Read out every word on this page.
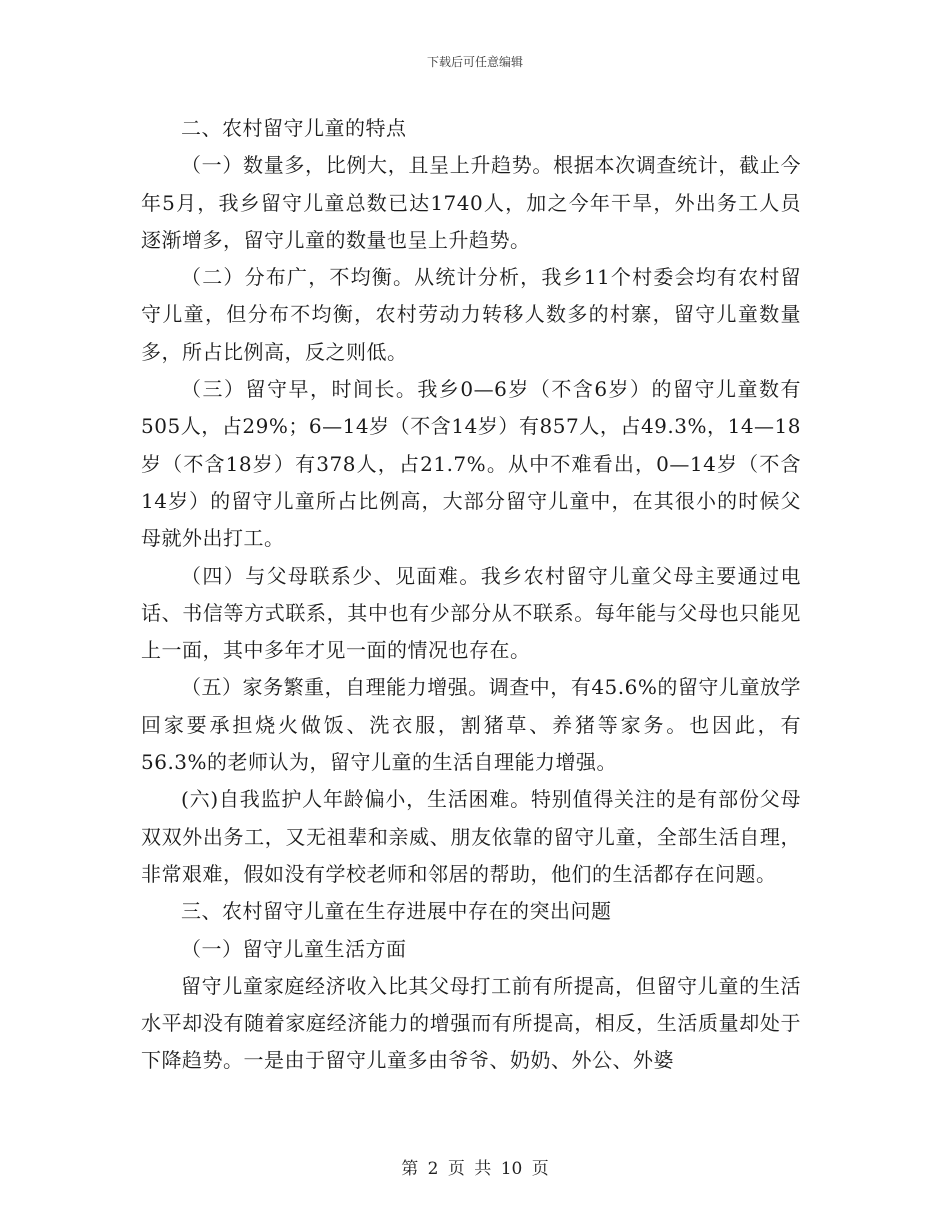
下载后可任意编辑

二、农村留守儿童的特点

（一）数量多，比例大，且呈上升趋势。根据本次调查统计，截止今年5月，我乡留守儿童总数已达1740人，加之今年干旱，外出务工人员逐渐增多，留守儿童的数量也呈上升趋势。

（二）分布广，不均衡。从统计分析，我乡11个村委会均有农村留守儿童，但分布不均衡，农村劳动力转移人数多的村寨，留守儿童数量多，所占比例高，反之则低。

（三）留守早，时间长。我乡0—6岁（不含6岁）的留守儿童数有505人，占29%；6—14岁（不含14岁）有857人，占49.3%，14—18岁（不含18岁）有378人，占21.7%。从中不难看出，0—14岁（不含14岁）的留守儿童所占比例高，大部分留守儿童中，在其很小的时候父母就外出打工。

（四）与父母联系少、见面难。我乡农村留守儿童父母主要通过电话、书信等方式联系，其中也有少部分从不联系。每年能与父母也只能见上一面，其中多年才见一面的情况也存在。

（五）家务繁重，自理能力增强。调查中，有45.6%的留守儿童放学回家要承担烧火做饭、洗衣服，割猪草、养猪等家务。也因此，有56.3%的老师认为，留守儿童的生活自理能力增强。

(六)自我监护人年龄偏小，生活困难。特别值得关注的是有部份父母双双外出务工，又无祖辈和亲威、朋友依靠的留守儿童，全部生活自理，非常艰难，假如没有学校老师和邻居的帮助，他们的生活都存在问题。

三、农村留守儿童在生存进展中存在的突出问题

（一）留守儿童生活方面

留守儿童家庭经济收入比其父母打工前有所提高，但留守儿童的生活水平却没有随着家庭经济能力的增强而有所提高，相反，生活质量却处于下降趋势。一是由于留守儿童多由爷爷、奶奶、外公、外婆

第 2 页 共 10 页
